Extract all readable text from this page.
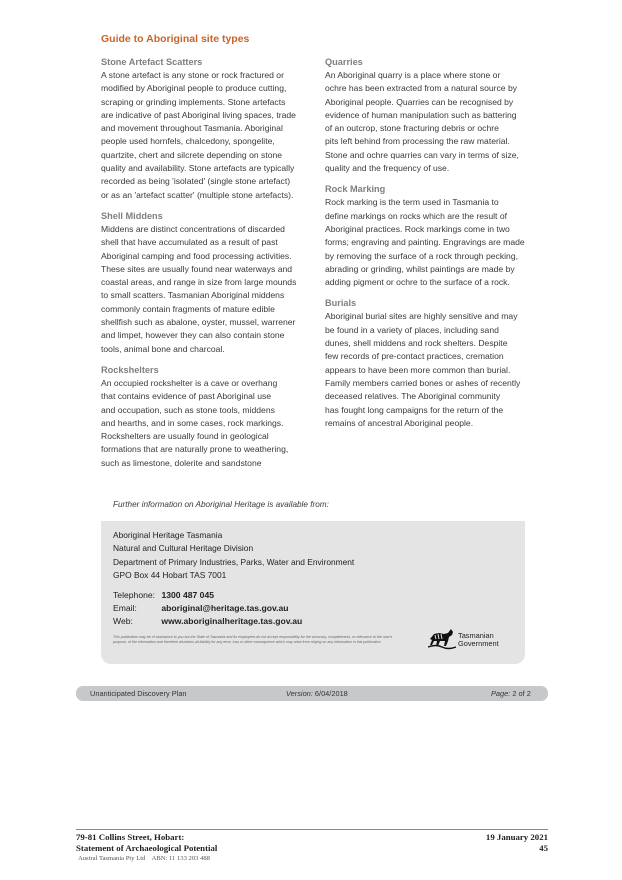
Guide to Aboriginal site types
Stone Artefact Scatters
A stone artefact is any stone or rock fractured or
modified by Aboriginal people to produce cutting,
scraping or grinding implements. Stone artefacts
are indicative of past Aboriginal living spaces, trade
and movement throughout Tasmania. Aboriginal
people used hornfels, chalcedony, spongelite,
quartzite, chert and silcrete depending on stone
quality and availability. Stone artefacts are typically
recorded as being 'isolated' (single stone artefact)
or as an 'artefact scatter' (multiple stone artefacts).
Shell Middens
Middens are distinct concentrations of discarded
shell that have accumulated as a result of past
Aboriginal camping and food processing activities.
These sites are usually found near waterways and
coastal areas, and range in size from large mounds
to small scatters. Tasmanian Aboriginal middens
commonly contain fragments of mature edible
shellfish such as abalone, oyster, mussel, warrener
and limpet, however they can also contain stone
tools, animal bone and charcoal.
Rockshelters
An occupied rockshelter is a cave or overhang
that contains evidence of past Aboriginal use
and occupation, such as stone tools, middens
and hearths, and in some cases, rock markings.
Rockshelters are usually found in geological
formations that are naturally prone to weathering,
such as limestone, dolerite and sandstone
Quarries
An Aboriginal quarry is a place where stone or
ochre has been extracted from a natural source by
Aboriginal people. Quarries can be recognised by
evidence of human manipulation such as battering
of an outcrop, stone fracturing debris or ochre
pits left behind from processing the raw material.
Stone and ochre quarries can vary in terms of size,
quality and the frequency of use.
Rock Marking
Rock marking is the term used in Tasmania to
define markings on rocks which are the result of
Aboriginal practices. Rock markings come in two
forms; engraving and painting. Engravings are made
by removing the surface of a rock through pecking,
abrading or grinding, whilst paintings are made by
adding pigment or ochre to the surface of a rock.
Burials
Aboriginal burial sites are highly sensitive and may
be found in a variety of places, including sand
dunes, shell middens and rock shelters. Despite
few records of pre-contact practices, cremation
appears to have been more common than burial.
Family members carried bones or ashes of recently
deceased relatives. The Aboriginal community
has fought long campaigns for the return of the
remains of ancestral Aboriginal people.
Further information on Aboriginal Heritage is available from:
Aboriginal Heritage Tasmania
Natural and Cultural Heritage Division
Department of Primary Industries, Parks, Water and Environment
GPO Box 44 Hobart TAS 7001
Telephone: 1300 487 045
Email:	aboriginal@heritage.tas.gov.au
Web:	www.aboriginalheritage.tas.gov.au
This publication may be of assistance to you but the State of Tasmania and its employees do not accept responsibility for the accuracy, completeness, or relevance to the user's purpose, of the information and therefore disclaims all liability for any error, loss or other consequence which may arise from relying on any information in this publication.
Tasmanian
Government
Unanticipated Discovery Plan	Version: 6/04/2018	Page: 2 of 2
79-81 Collins Street, Hobart:
Statement of Archaeological Potential
19 January 2021
45
Austral Tasmania Pty Ltd    ABN: 11 133 203 488
